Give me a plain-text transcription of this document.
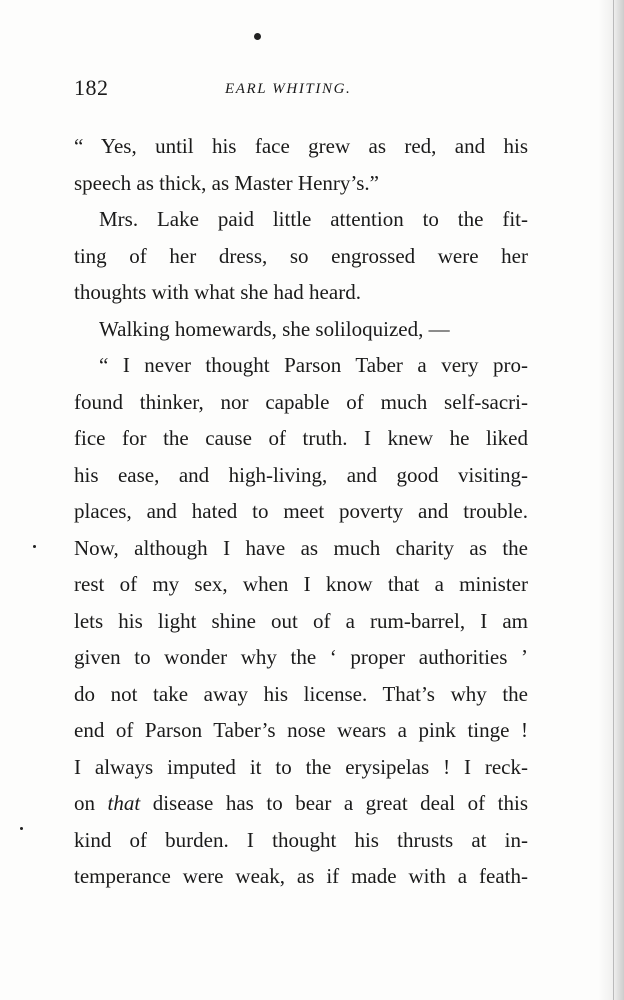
182	EARL WHITING.
“ Yes, until his face grew as red, and his
speech as thick, as Master Henry’s.”
Mrs. Lake paid little attention to the fit-
ting of her dress, so engrossed were her
thoughts with what she had heard.
Walking homewards, she soliloquized, —
“ I never thought Parson Taber a very pro-
found thinker, nor capable of much self-sacri-
fice for the cause of truth. I knew he liked
his ease, and high-living, and good visiting-
places, and hated to meet poverty and trouble.
Now, although I have as much charity as the
rest of my sex, when I know that a minister
lets his light shine out of a rum-barrel, I am
given to wonder why the ‘ proper authorities ’
do not take away his license. That’s why the
end of Parson Taber’s nose wears a pink tinge !
I always imputed it to the erysipelas ! I reck-
on that disease has to bear a great deal of this
kind of burden. I thought his thrusts at in-
temperance were weak, as if made with a feath-
